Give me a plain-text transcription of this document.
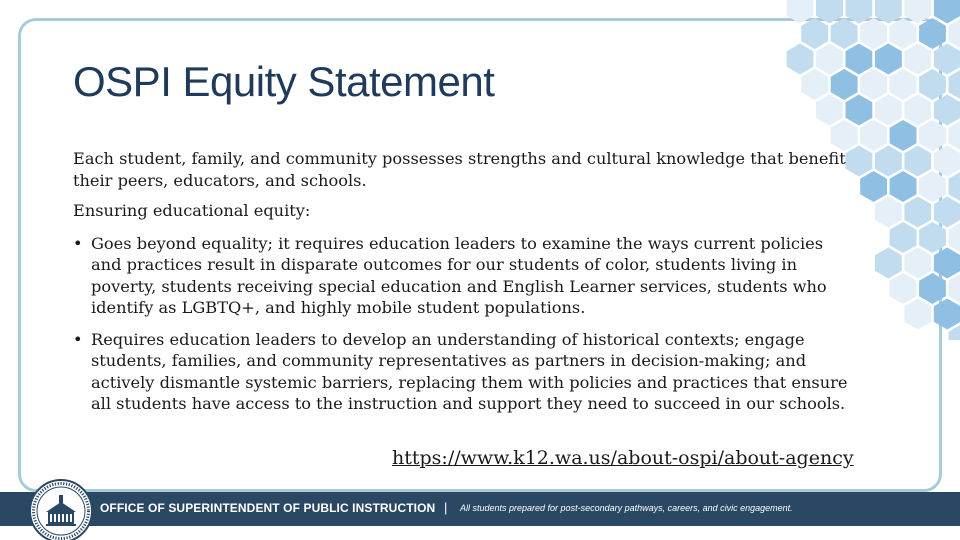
OSPI Equity Statement

Each student, family, and community possesses strengths and cultural knowledge that benefit their peers, educators, and schools.

Ensuring educational equity:

• Goes beyond equality; it requires education leaders to examine the ways current policies and practices result in disparate outcomes for our students of color, students living in poverty, students receiving special education and English Learner services, students who identify as LGBTQ+, and highly mobile student populations.
• Requires education leaders to develop an understanding of historical contexts; engage students, families, and community representatives as partners in decision-making; and actively dismantle systemic barriers, replacing them with policies and practices that ensure all students have access to the instruction and support they need to succeed in our schools.
https://www.k12.wa.us/about-ospi/about-agency
OFFICE OF SUPERINTENDENT OF PUBLIC INSTRUCTION | All students prepared for post-secondary pathways, careers, and civic engagement.
